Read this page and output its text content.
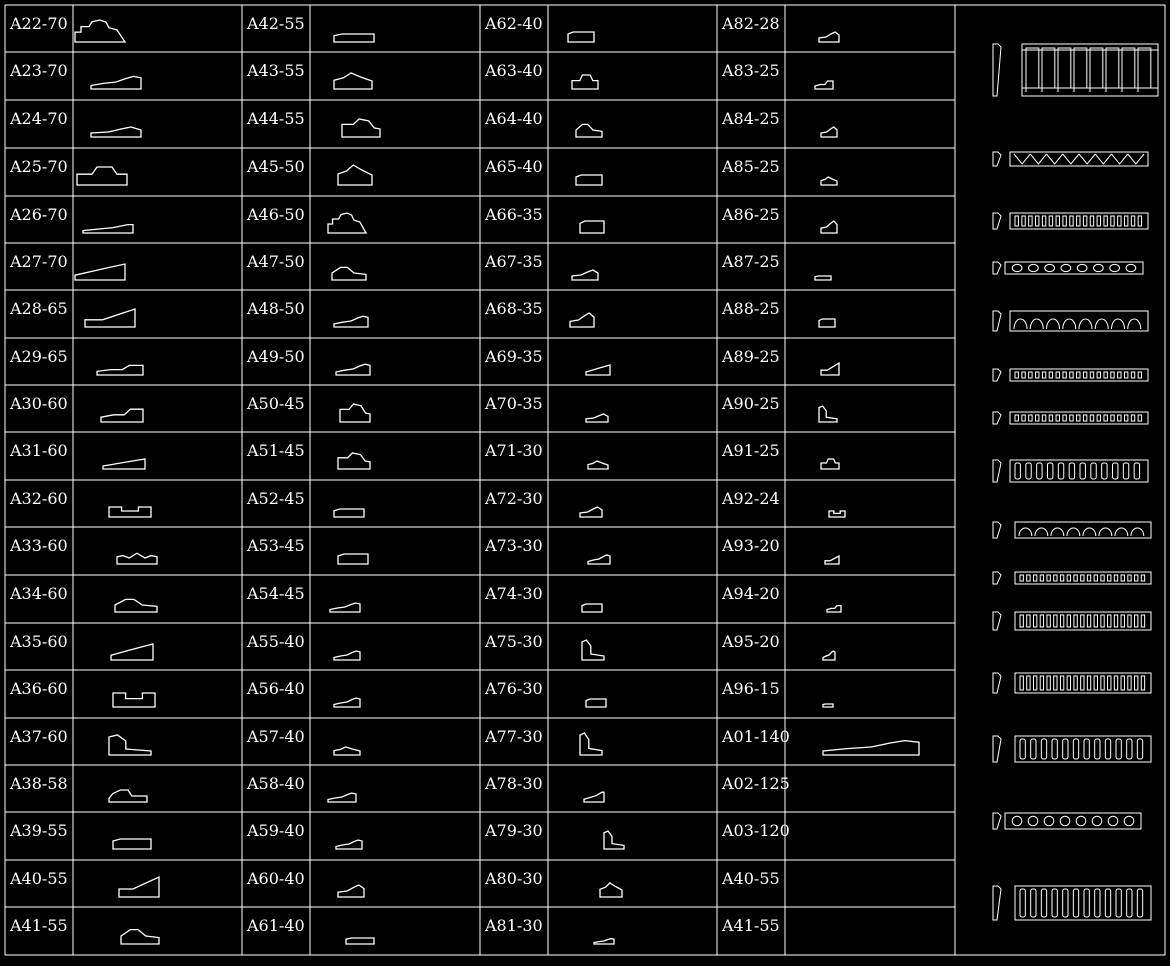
A22-70
A23-70
A24-70
A25-70
A26-70
A27-70
A28-65
A29-65
A30-60
A31-60
A32-60
A33-60
A34-60
A35-60
A36-60
A37-60
A38-58
A39-55
A40-55
A41-55
A42-55
A43-55
A44-55
A45-50
A46-50
A47-50
A48-50
A49-50
A50-45
A51-45
A52-45
A53-45
A54-45
A55-40
A56-40
A57-40
A58-40
A59-40
A60-40
A61-40
A62-40
A63-40
A64-40
A65-40
A66-35
A67-35
A68-35
A69-35
A70-35
A71-30
A72-30
A73-30
A74-30
A75-30
A76-30
A77-30
A78-30
A79-30
A80-30
A81-30
A82-28
A83-25
A84-25
A85-25
A86-25
A87-25
A88-25
A89-25
A90-25
A91-25
A92-24
A93-20
A94-20
A95-20
A96-15
A01-140
A02-125
A03-120
A40-55
A41-55
